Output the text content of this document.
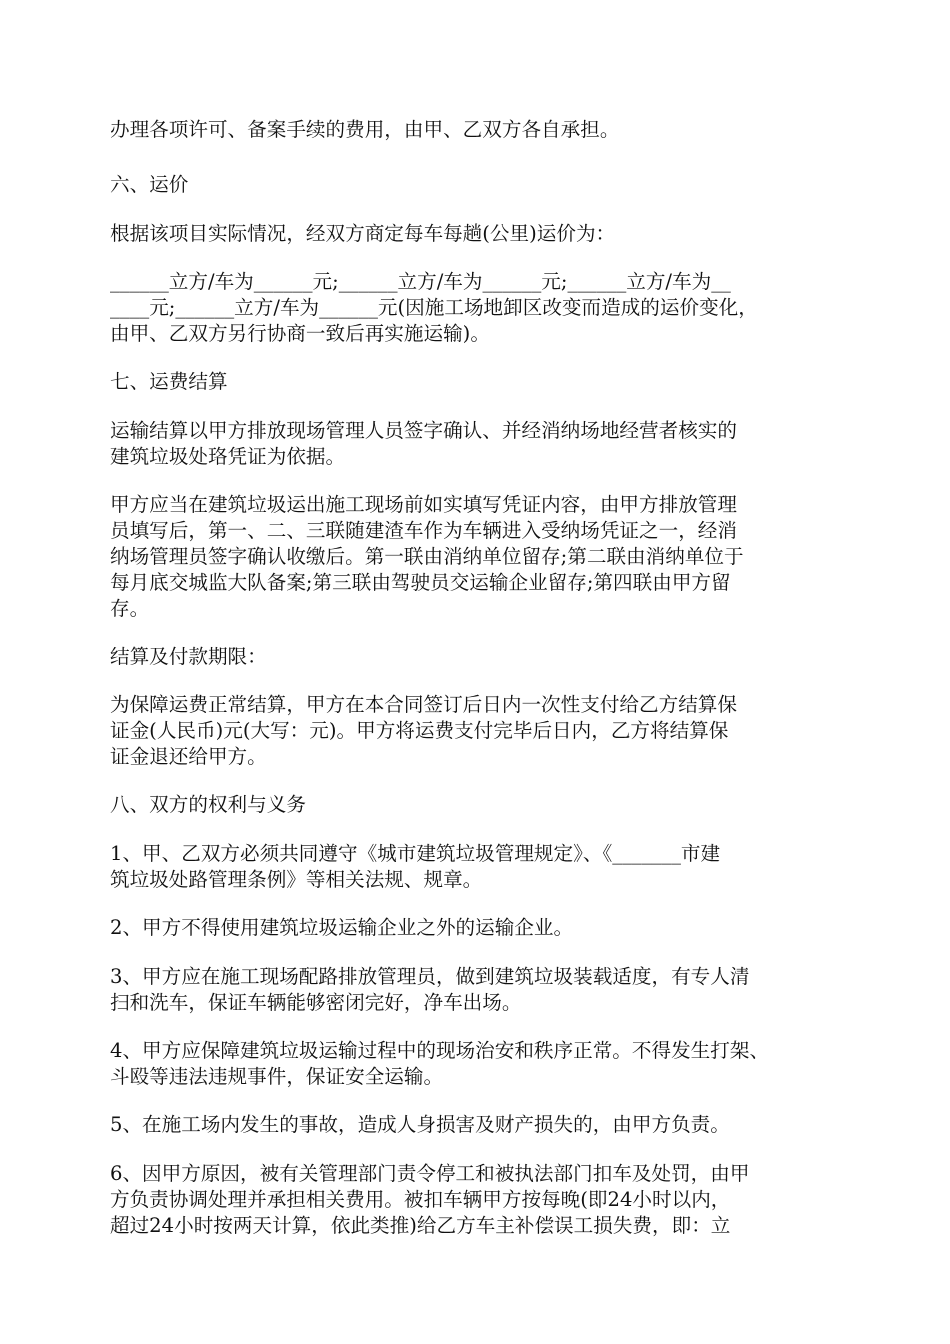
办理各项许可、备案手续的费用，由甲、乙双方各自承担。
六、运价
根据该项目实际情况，经双方商定每车每趟(公里)运价为：
______立方/车为______元;______立方/车为______元;______立方/车为__
____元;______立方/车为______元(因施工场地卸区改变而造成的运价变化，
由甲、乙双方另行协商一致后再实施运输)。
七、运费结算
运输结算以甲方排放现场管理人员签字确认、并经消纳场地经营者核实的
建筑垃圾处珞凭证为依据。
甲方应当在建筑垃圾运出施工现场前如实填写凭证内容，由甲方排放管理
员填写后，第一、二、三联随建渣车作为车辆进入受纳场凭证之一，经消
纳场管理员签字确认收缴后。第一联由消纳单位留存;第二联由消纳单位于
每月底交城监大队备案;第三联由驾驶员交运输企业留存;第四联由甲方留
存。
结算及付款期限：
为保障运费正常结算，甲方在本合同签订后日内一次性支付给乙方结算保
证金(人民币)元(大写：元)。甲方将运费支付完毕后日内，乙方将结算保
证金退还给甲方。
八、双方的权利与义务
1、甲、乙双方必须共同遵守《城市建筑垃圾管理规定》、《_______市建
筑垃圾处路管理条例》等相关法规、规章。
2、甲方不得使用建筑垃圾运输企业之外的运输企业。
3、甲方应在施工现场配路排放管理员，做到建筑垃圾装载适度，有专人清
扫和洗车，保证车辆能够密闭完好，净车出场。
4、甲方应保障建筑垃圾运输过程中的现场治安和秩序正常。不得发生打架、
斗殴等违法违规事件，保证安全运输。
5、在施工场内发生的事故，造成人身损害及财产损失的，由甲方负责。
6、因甲方原因，被有关管理部门责令停工和被执法部门扣车及处罚，由甲
方负责协调处理并承担相关费用。被扣车辆甲方按每晚(即24小时以内，
超过24小时按两天计算，依此类推)给乙方车主补偿误工损失费，即：立
